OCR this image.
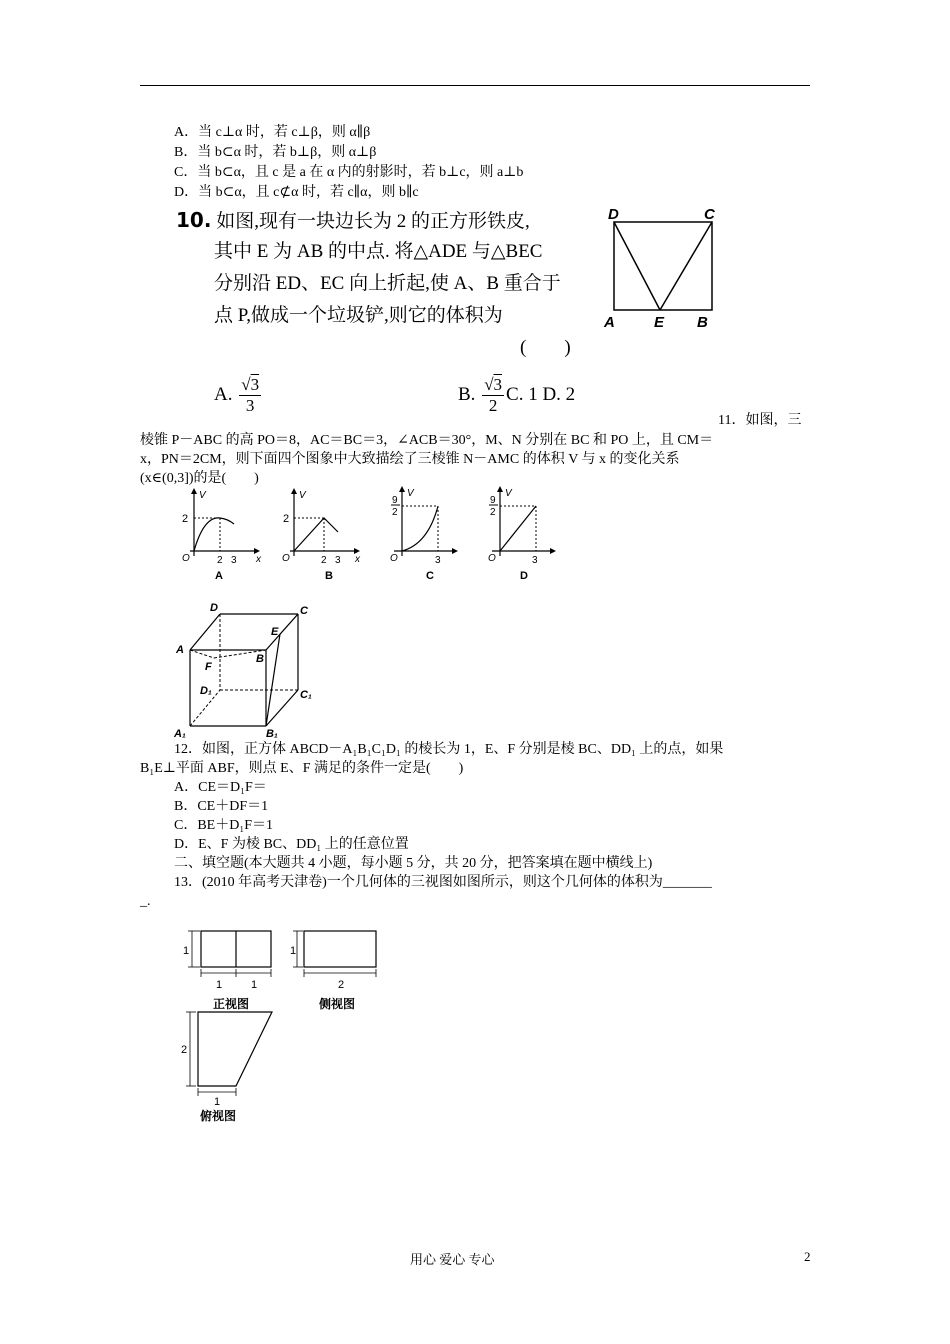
A．当 c⊥α 时，若 c⊥β，则 α∥β
B．当 b⊂α 时，若 b⊥β，则 α⊥β
C．当 b⊂α，且 c 是 a 在 α 内的射影时，若 b⊥c，则 a⊥b
D．当 b⊂α，且 c⊄α 时，若 c∥α，则 b∥c
10. 如图,现有一块边长为 2 的正方形铁皮,
其中 E 为 AB 的中点. 将△ADE 与△BEC
分别沿 ED、EC 向上折起,使 A、B 重合于
点 P,做成一个垃圾铲,则它的体积为
(　　)
D	C
A	E B
A. $\frac{√3}{3}$	B. $\frac{√3}{2} C$. 1 D. 2
11．如图，三
棱锥 P－ABC 的高 PO＝8，AC＝BC＝3，∠ACB＝30°，M、N 分别在 BC 和 PO 上，且 CM＝
x，PN＝2CM，则下面四个图象中大致描绘了三棱锥 N－AMC 的体积 V 与 x 的变化关系
(x∈(0,3])的是(　　)
V
x
O
2
2 3
A
V
x
O
2
2 3
B
V
O
9
2
3
C
V
O
9
2
3
D
D	C
E
A
B
F
D₁	C₁
A₁	B₁
12．如图，正方体 ABCD－A₁B₁C₁D₁ 的棱长为 1，E、F 分别是棱 BC、DD₁ 上的点，如果
B₁E⊥平面 ABF，则点 E、F 满足的条件一定是(　　)
A．CE＝D₁F＝
B．CE＋DF＝1
C．BE＋D₁F＝1
D．E、F 为棱 BC、DD₁ 上的任意位置
二、填空题(本大题共 4 小题，每小题 5 分，共 20 分，把答案填在题中横线上)
13．(2010 年高考天津卷)一个几何体的三视图如图所示，则这个几何体的体积为_______
_.
1
1	1
正视图
1
2
侧视图
2
1
俯视图
用心 爱心 专心	2
